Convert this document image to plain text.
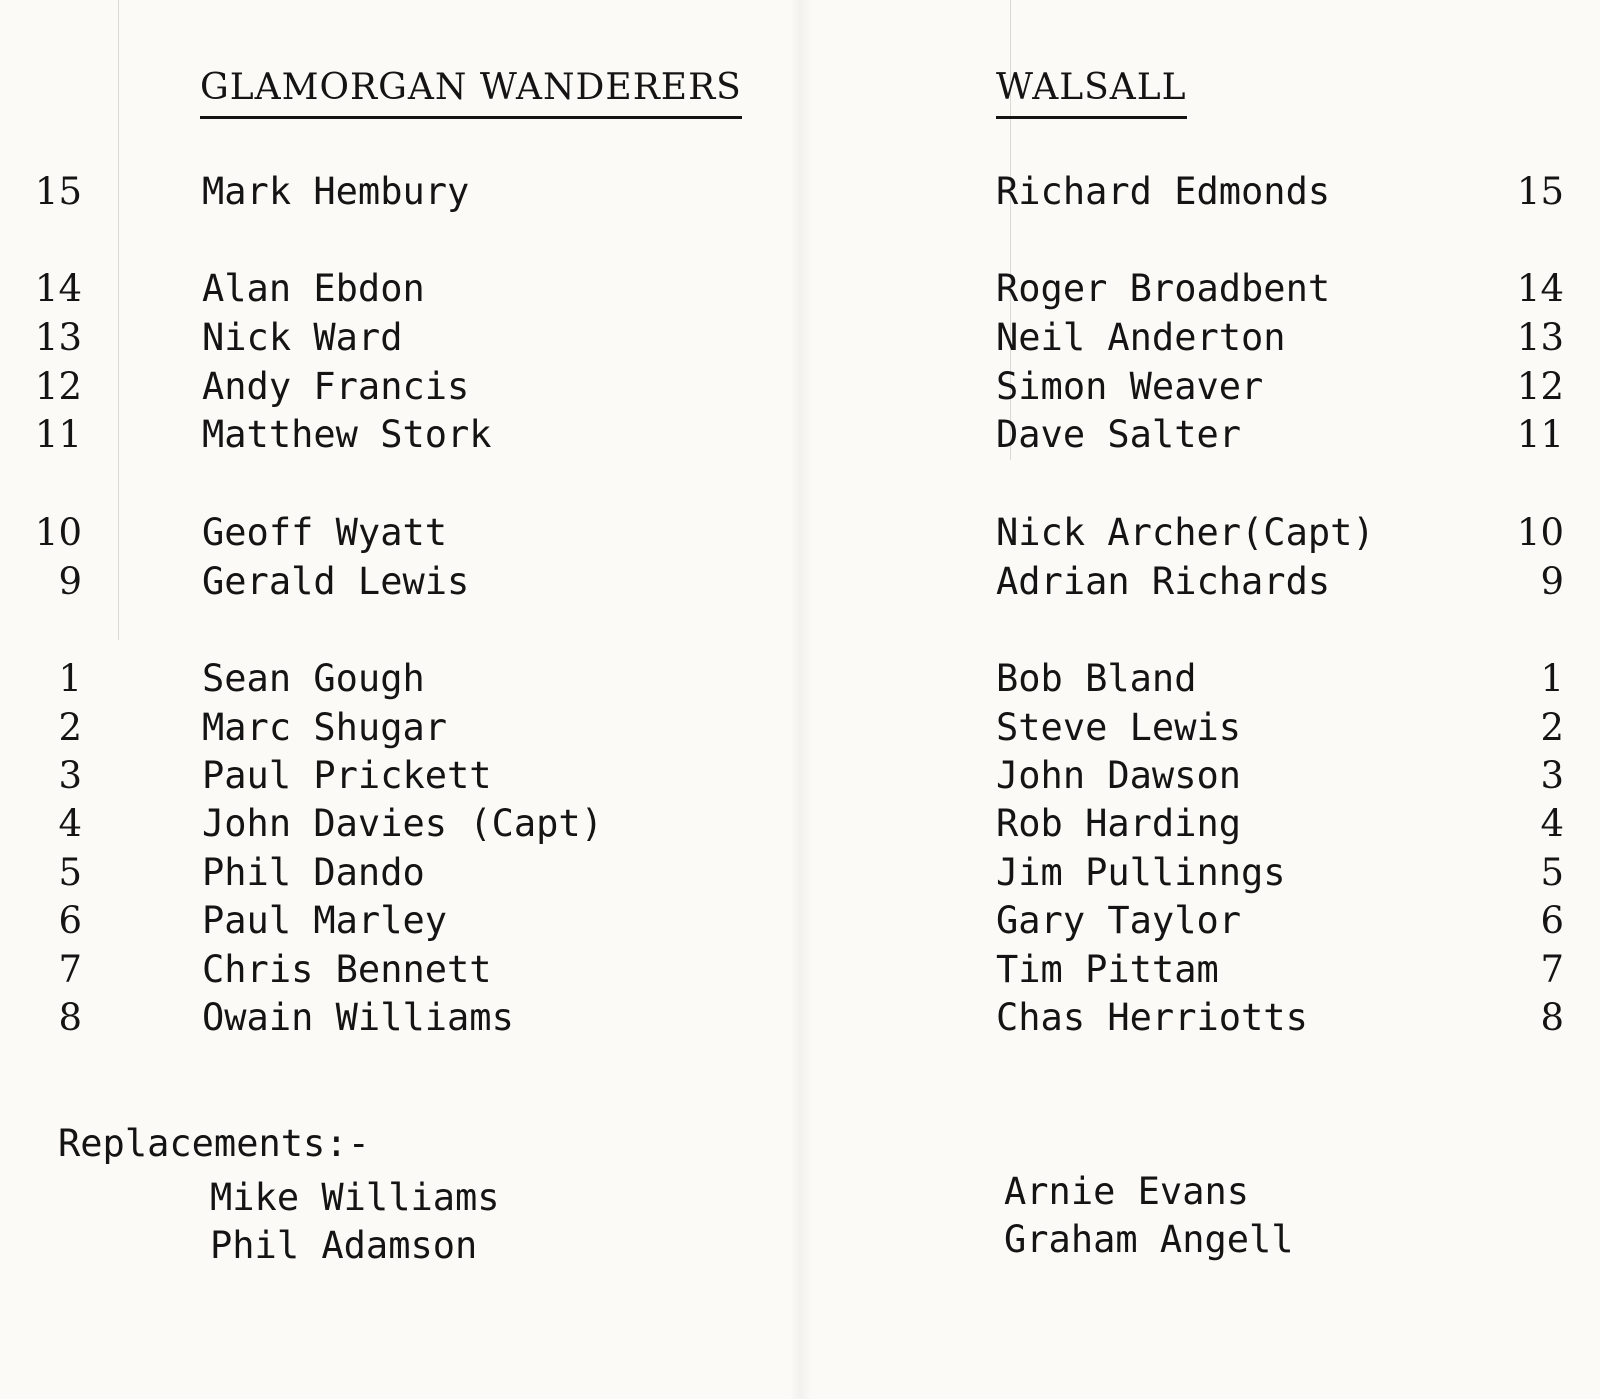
GLAMORGAN WANDERERS	WALSALL
15	Mark Hembury	Richard Edmonds	15
14	Alan Ebdon	Roger Broadbent	14
13	Nick Ward	Neil Anderton	13
12	Andy Francis	Simon Weaver	12
11	Matthew Stork	Dave Salter	11
10	Geoff Wyatt	Nick Archer(Capt)	10
9	Gerald Lewis	Adrian Richards	9
1	Sean Gough	Bob Bland	1
2	Marc Shugar	Steve Lewis	2
3	Paul Prickett	John Dawson	3
4	John Davies (Capt)	Rob Harding	4
5	Phil Dando	Jim Pullinngs	5
6	Paul Marley	Gary Taylor	6
7	Chris Bennett	Tim Pittam	7
8	Owain Williams	Chas Herriotts	8
Replacements:-
Mike Williams
Phil Adamson
Arnie Evans
Graham Angell
